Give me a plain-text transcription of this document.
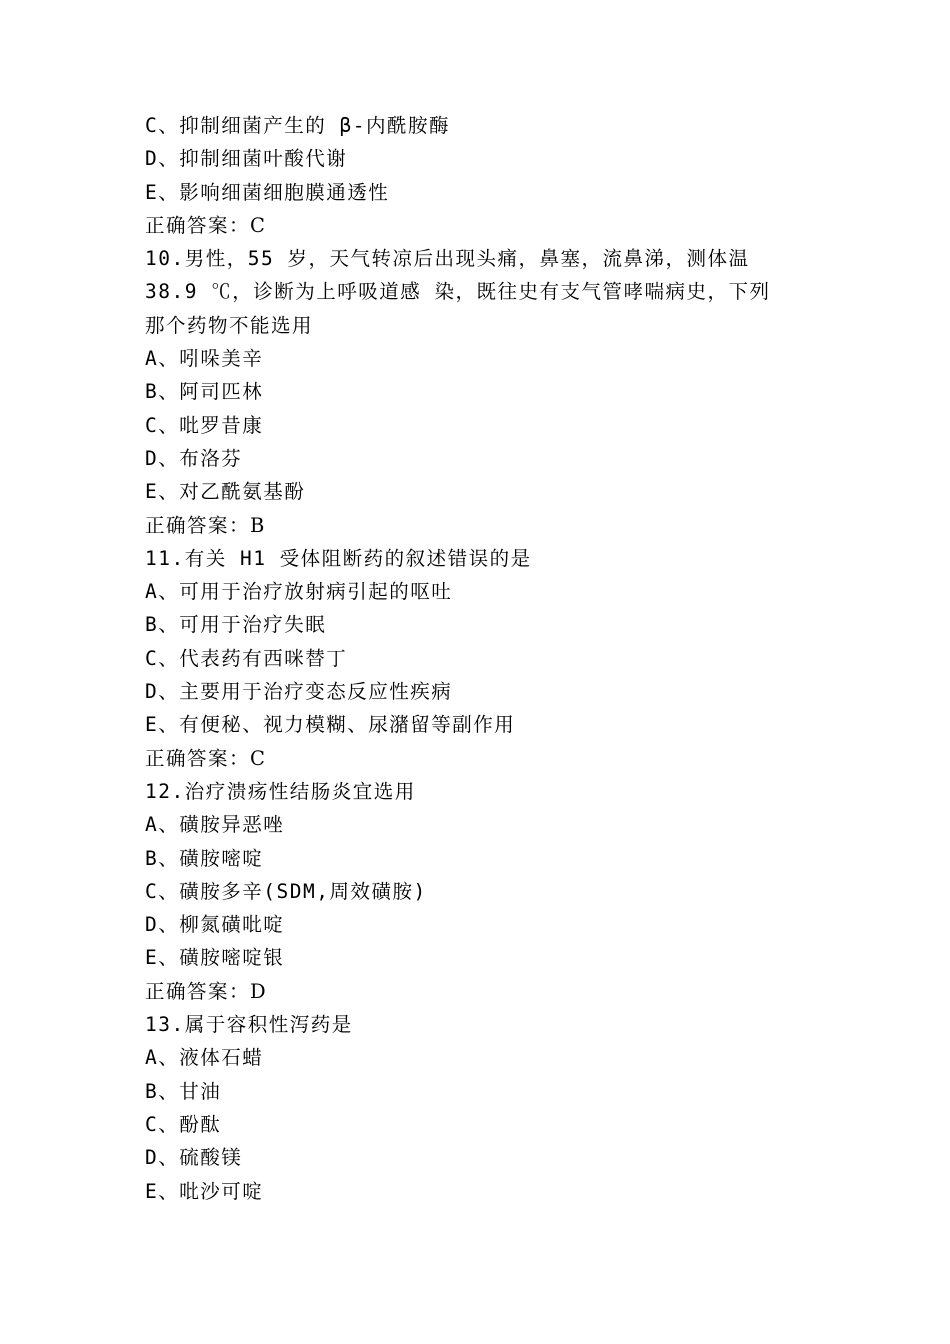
C、抑制细菌产生的 β-内酰胺酶
D、抑制细菌叶酸代谢
E、影响细菌细胞膜通透性
正确答案：C
10.男性，55 岁，天气转凉后出现头痛，鼻塞，流鼻涕，测体温
38.9 ℃，诊断为上呼吸道感 染，既往史有支气管哮喘病史，下列
那个药物不能选用
A、吲哚美辛
B、阿司匹林
C、吡罗昔康
D、布洛芬
E、对乙酰氨基酚
正确答案：B
11.有关 H1 受体阻断药的叙述错误的是
A、可用于治疗放射病引起的呕吐
B、可用于治疗失眠
C、代表药有西咪替丁
D、主要用于治疗变态反应性疾病
E、有便秘、视力模糊、尿潴留等副作用
正确答案：C
12.治疗溃疡性结肠炎宜选用
A、磺胺异恶唑
B、磺胺嘧啶
C、磺胺多辛(SDM,周效磺胺)
D、柳氮磺吡啶
E、磺胺嘧啶银
正确答案：D
13.属于容积性泻药是
A、液体石蜡
B、甘油
C、酚酞
D、硫酸镁
E、吡沙可啶
